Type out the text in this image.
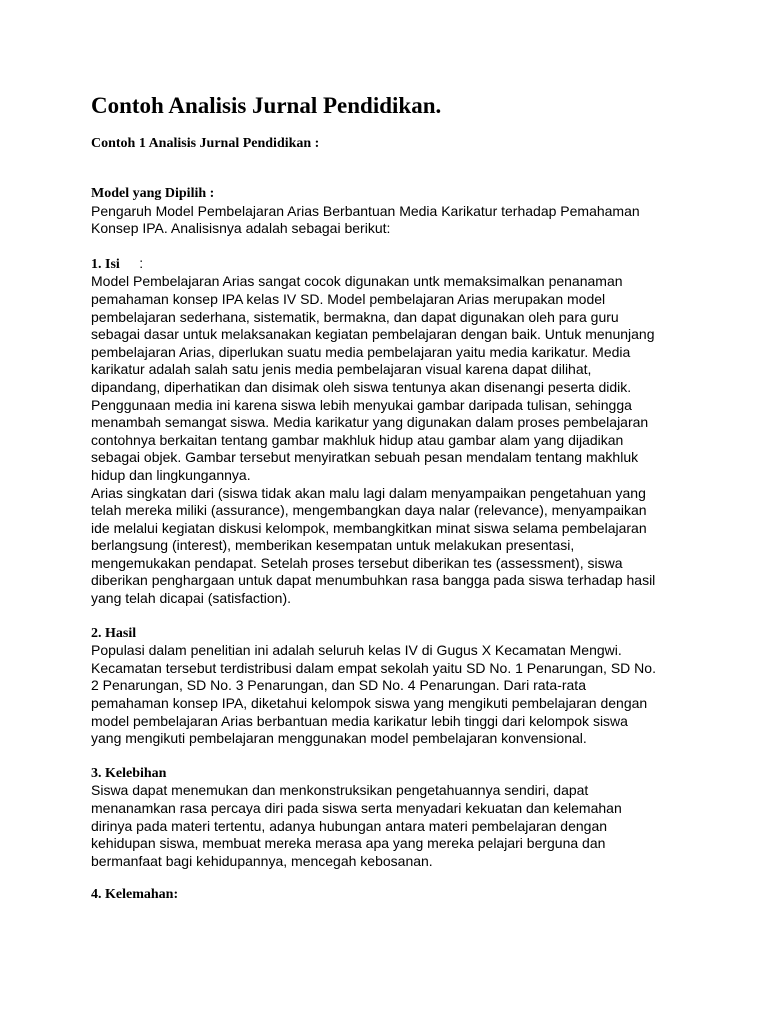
Contoh Analisis Jurnal Pendidikan.

Contoh 1 Analisis Jurnal Pendidikan :

Model yang Dipilih :

Pengaruh Model Pembelajaran Arias Berbantuan Media Karikatur terhadap Pemahaman
Konsep IPA. Analisisnya adalah sebagai berikut:

1. Isi     :

Model Pembelajaran Arias sangat cocok digunakan untk memaksimalkan penanaman
pemahaman konsep IPA kelas IV SD. Model pembelajaran Arias merupakan model
pembelajaran sederhana, sistematik, bermakna, dan dapat digunakan oleh para guru
sebagai dasar untuk melaksanakan kegiatan pembelajaran dengan baik. Untuk menunjang
pembelajaran Arias, diperlukan suatu media pembelajaran yaitu media karikatur. Media
karikatur adalah salah satu jenis media pembelajaran visual karena dapat dilihat,
dipandang, diperhatikan dan disimak oleh siswa tentunya akan disenangi peserta didik.
Penggunaan media ini karena siswa lebih menyukai gambar daripada tulisan, sehingga
menambah semangat siswa. Media karikatur yang digunakan dalam proses pembelajaran
contohnya berkaitan tentang gambar makhluk hidup atau gambar alam yang dijadikan
sebagai objek. Gambar tersebut menyiratkan sebuah pesan mendalam tentang makhluk
hidup dan lingkungannya.

Arias singkatan dari (siswa tidak akan malu lagi dalam menyampaikan pengetahuan yang
telah mereka miliki (assurance), mengembangkan daya nalar (relevance), menyampaikan
ide melalui kegiatan diskusi kelompok, membangkitkan minat siswa selama pembelajaran
berlangsung (interest), memberikan kesempatan untuk melakukan presentasi,
mengemukakan pendapat. Setelah proses tersebut diberikan tes (assessment), siswa
diberikan penghargaan untuk dapat menumbuhkan rasa bangga pada siswa terhadap hasil
yang telah dicapai (satisfaction).

2. Hasil

Populasi dalam penelitian ini adalah seluruh kelas IV di Gugus X Kecamatan Mengwi.
Kecamatan tersebut terdistribusi dalam empat sekolah yaitu SD No. 1 Penarungan, SD No.
2 Penarungan, SD No. 3 Penarungan, dan SD No. 4 Penarungan. Dari rata-rata
pemahaman konsep IPA, diketahui kelompok siswa yang mengikuti pembelajaran dengan
model pembelajaran Arias berbantuan media karikatur lebih tinggi dari kelompok siswa
yang mengikuti pembelajaran menggunakan model pembelajaran konvensional.

3. Kelebihan

Siswa dapat menemukan dan menkonstruksikan pengetahuannya sendiri, dapat
menanamkan rasa percaya diri pada siswa serta menyadari kekuatan dan kelemahan
dirinya pada materi tertentu, adanya hubungan antara materi pembelajaran dengan
kehidupan siswa, membuat mereka merasa apa yang mereka pelajari berguna dan
bermanfaat bagi kehidupannya, mencegah kebosanan.

4. Kelemahan:
